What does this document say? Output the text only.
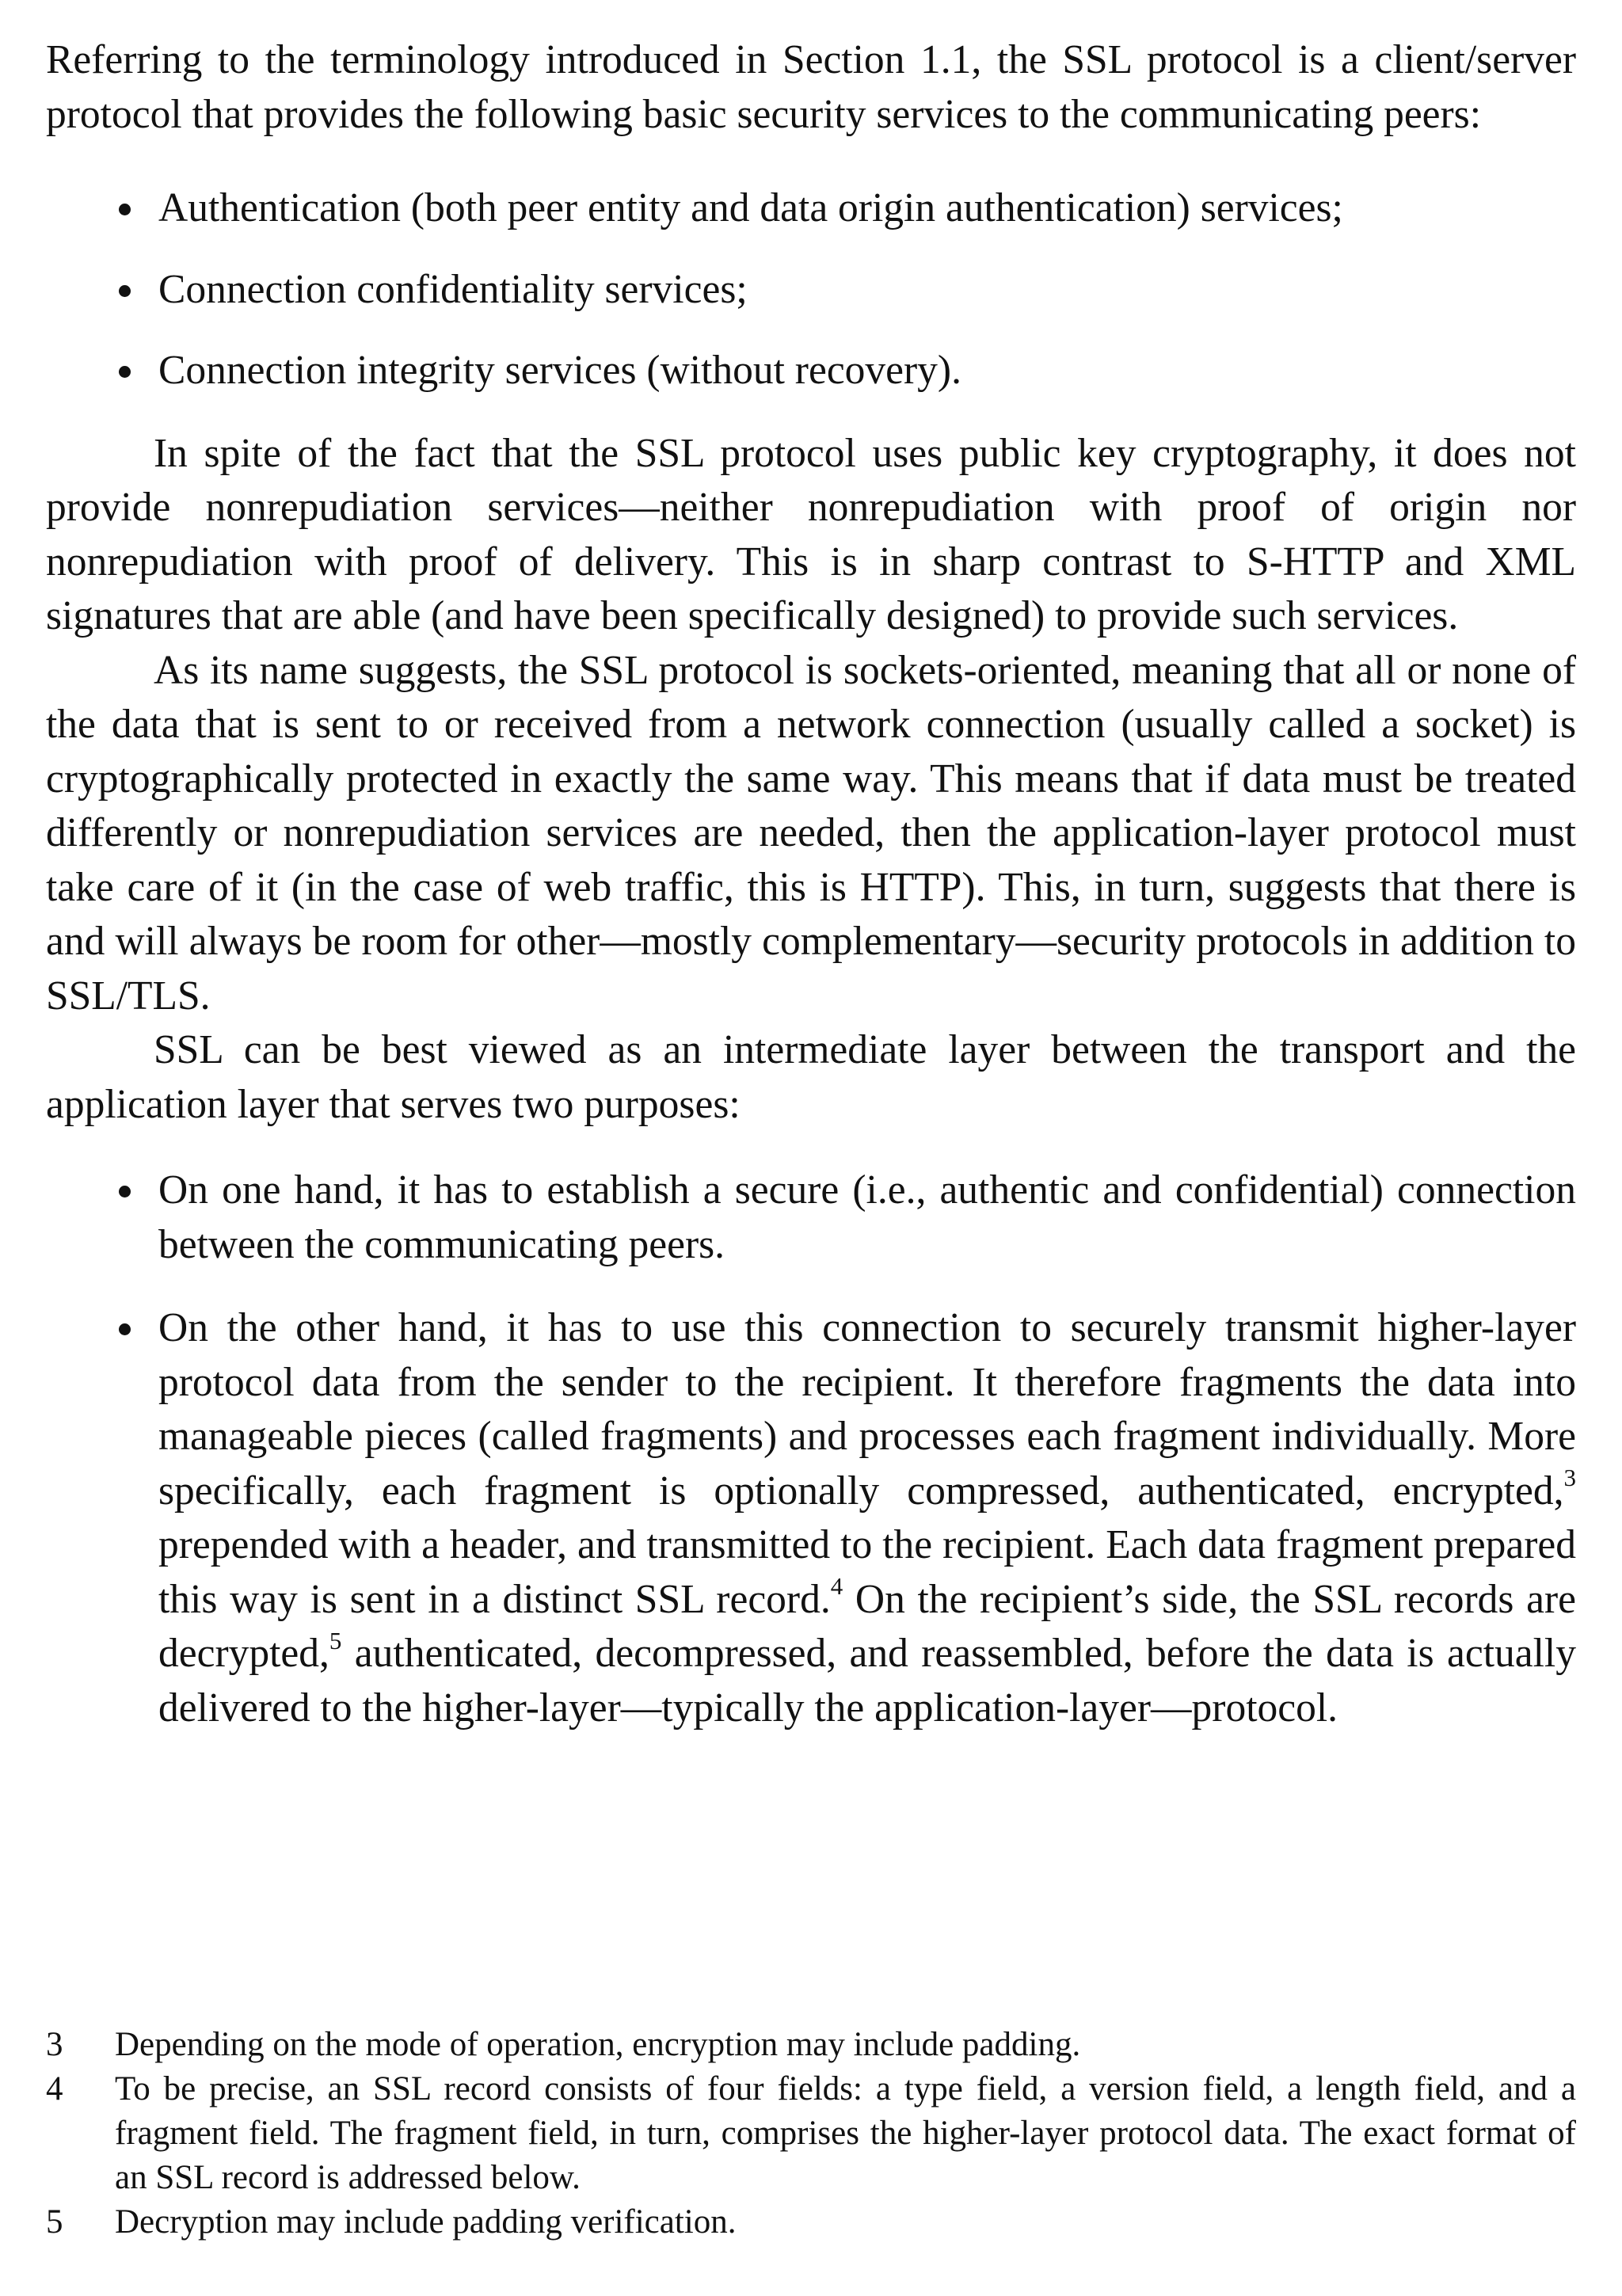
Referring to the terminology introduced in Section 1.1, the SSL protocol is a client/server protocol that provides the following basic security services to the communicating peers:

Authentication (both peer entity and data origin authentication) services;
Connection confidentiality services;
Connection integrity services (without recovery).

In spite of the fact that the SSL protocol uses public key cryptography, it does not provide nonrepudiation services—neither nonrepudiation with proof of origin nor nonrepudiation with proof of delivery. This is in sharp contrast to S-HTTP and XML signatures that are able (and have been specifically designed) to provide such services.

As its name suggests, the SSL protocol is sockets-oriented, meaning that all or none of the data that is sent to or received from a network connection (usually called a socket) is cryptographically protected in exactly the same way. This means that if data must be treated differently or nonrepudiation services are needed, then the application-layer protocol must take care of it (in the case of web traffic, this is HTTP). This, in turn, suggests that there is and will always be room for other—mostly complementary—security protocols in addition to SSL/TLS.

SSL can be best viewed as an intermediate layer between the transport and the application layer that serves two purposes:

On one hand, it has to establish a secure (i.e., authentic and confidential) connection between the communicating peers.
On the other hand, it has to use this connection to securely transmit higher-layer protocol data from the sender to the recipient. It therefore fragments the data into manageable pieces (called fragments) and processes each fragment individually. More specifically, each fragment is optionally compressed, authenticated, encrypted,$^3$ prepended with a header, and transmitted to the recipient. Each data fragment prepared this way is sent in a distinct SSL record.$^4$ On the recipient’s side, the SSL records are decrypted,$^5$ authenticated, decompressed, and reassembled, before the data is actually delivered to the higher-layer—typically the application-layer—protocol.
3 Depending on the mode of operation, encryption may include padding.
4 To be precise, an SSL record consists of four fields: a type field, a version field, a length field, and a fragment field. The fragment field, in turn, comprises the higher-layer protocol data. The exact format of an SSL record is addressed below.
5 Decryption may include padding verification.
